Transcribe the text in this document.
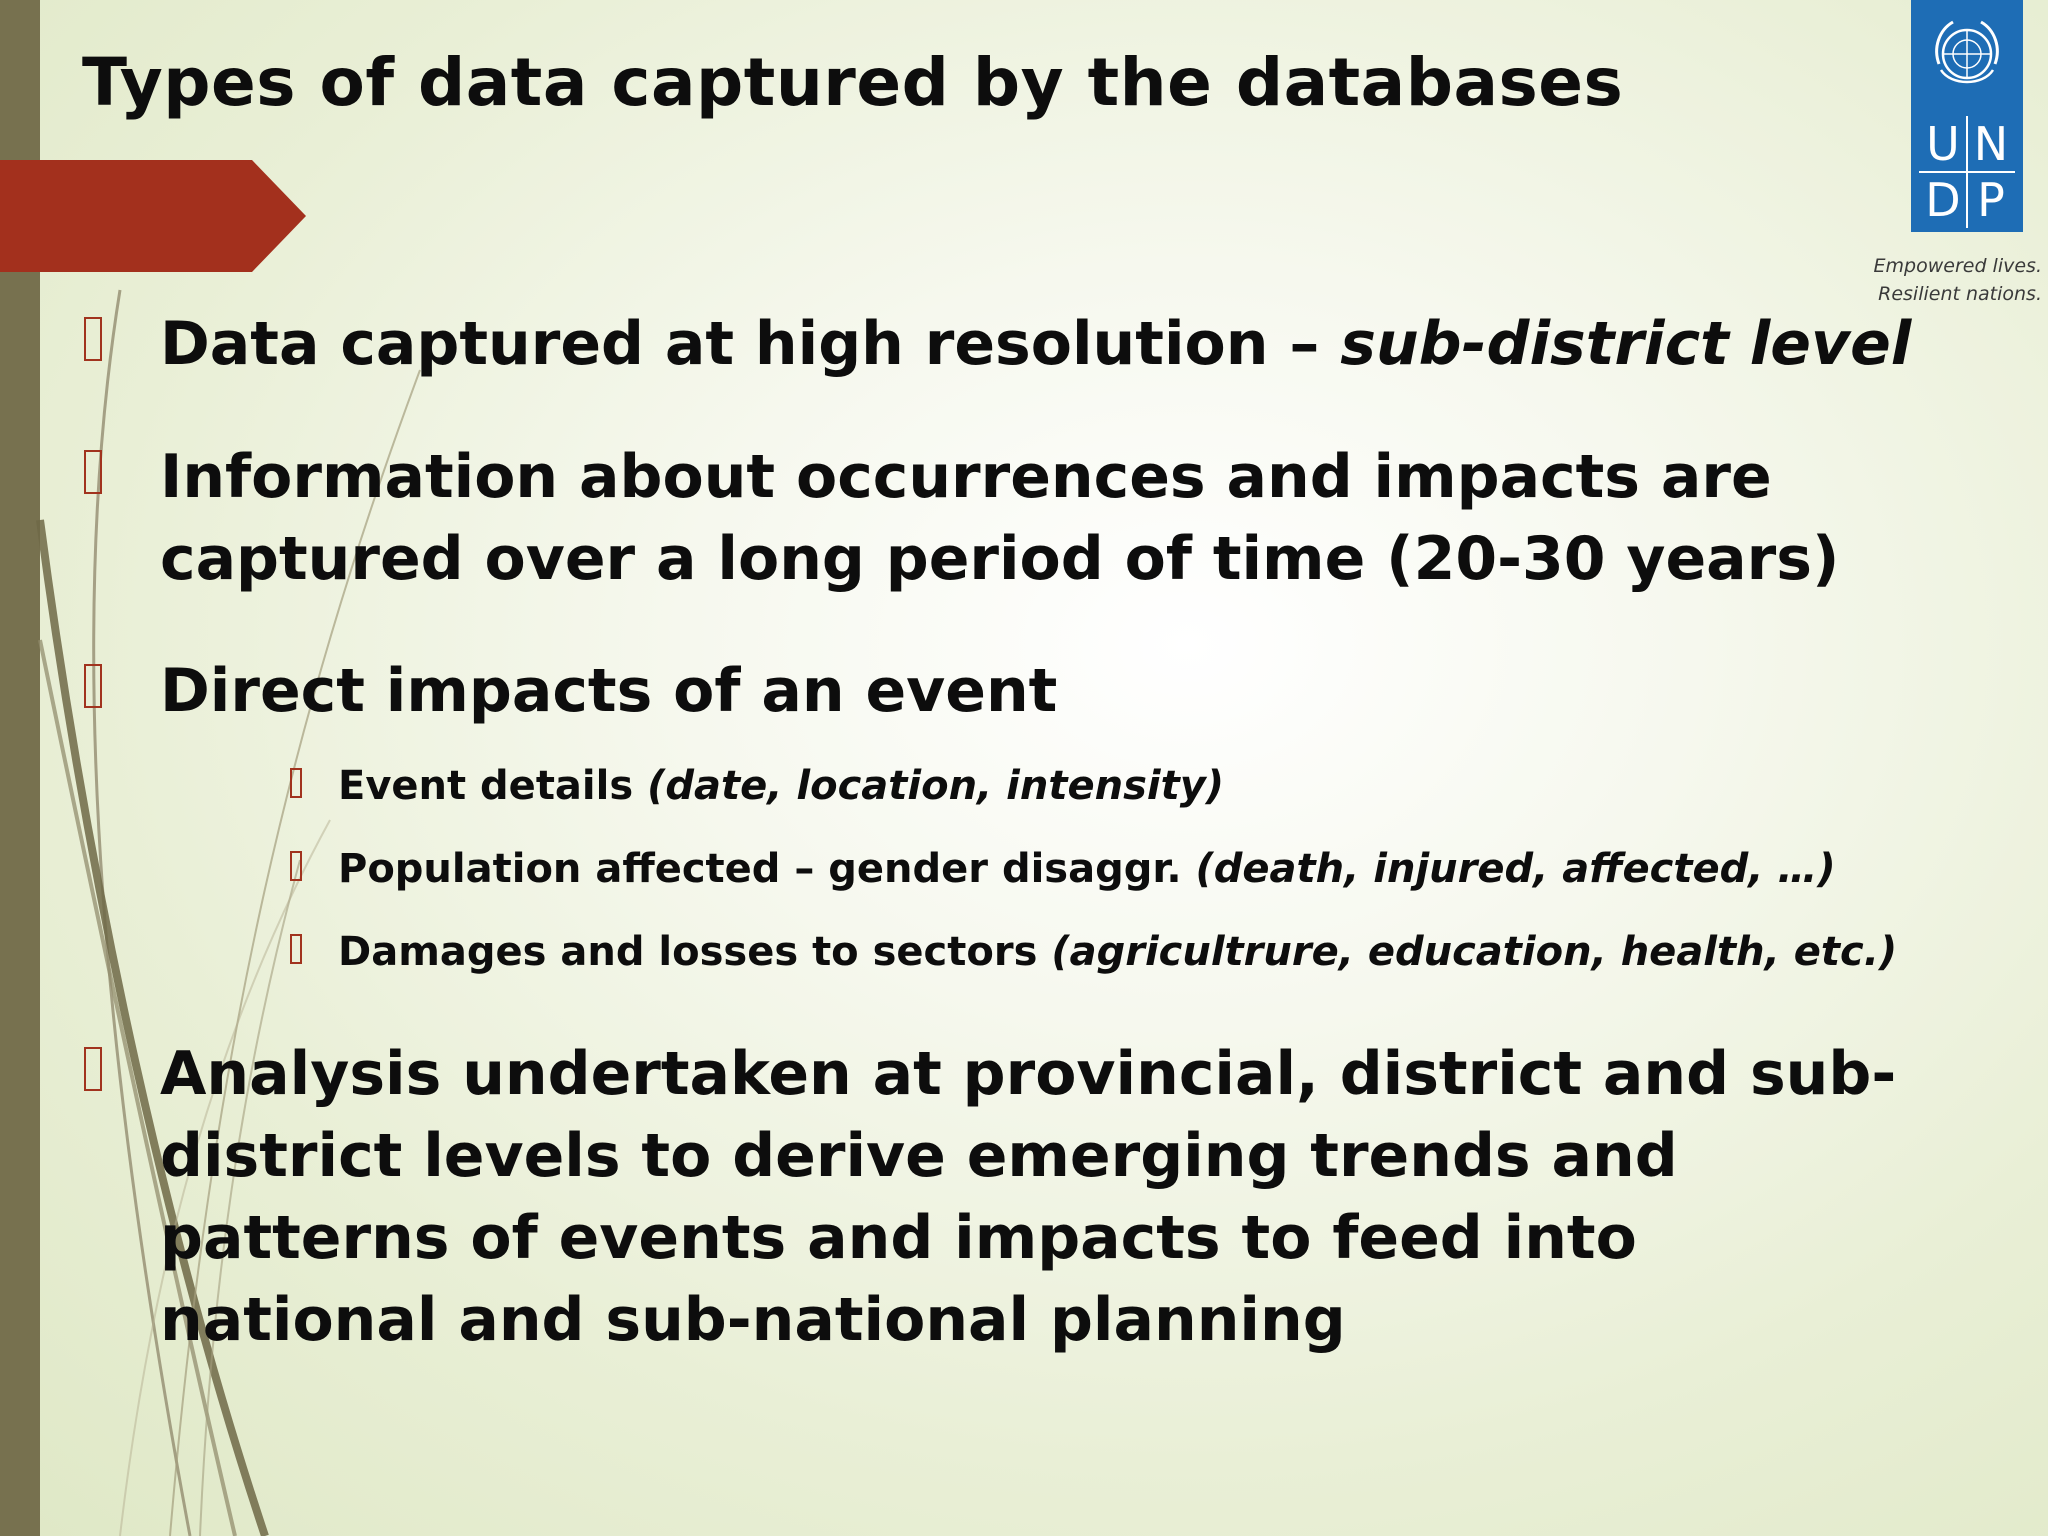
Types of data captured by the databases
U N
D P
Empowered lives.
Resilient nations.
Data captured at high resolution – sub-district level
Information about occurrences and impacts are captured over a long period of time (20-30 years)
Direct impacts of an event
Event details (date, location, intensity)
Population affected – gender disaggr. (death, injured, affected, …)
Damages and losses to sectors (agricultrure, education, health, etc.)
Analysis undertaken at provincial, district and sub-district levels to derive emerging trends and patterns of events and impacts to feed into national and sub-national planning
